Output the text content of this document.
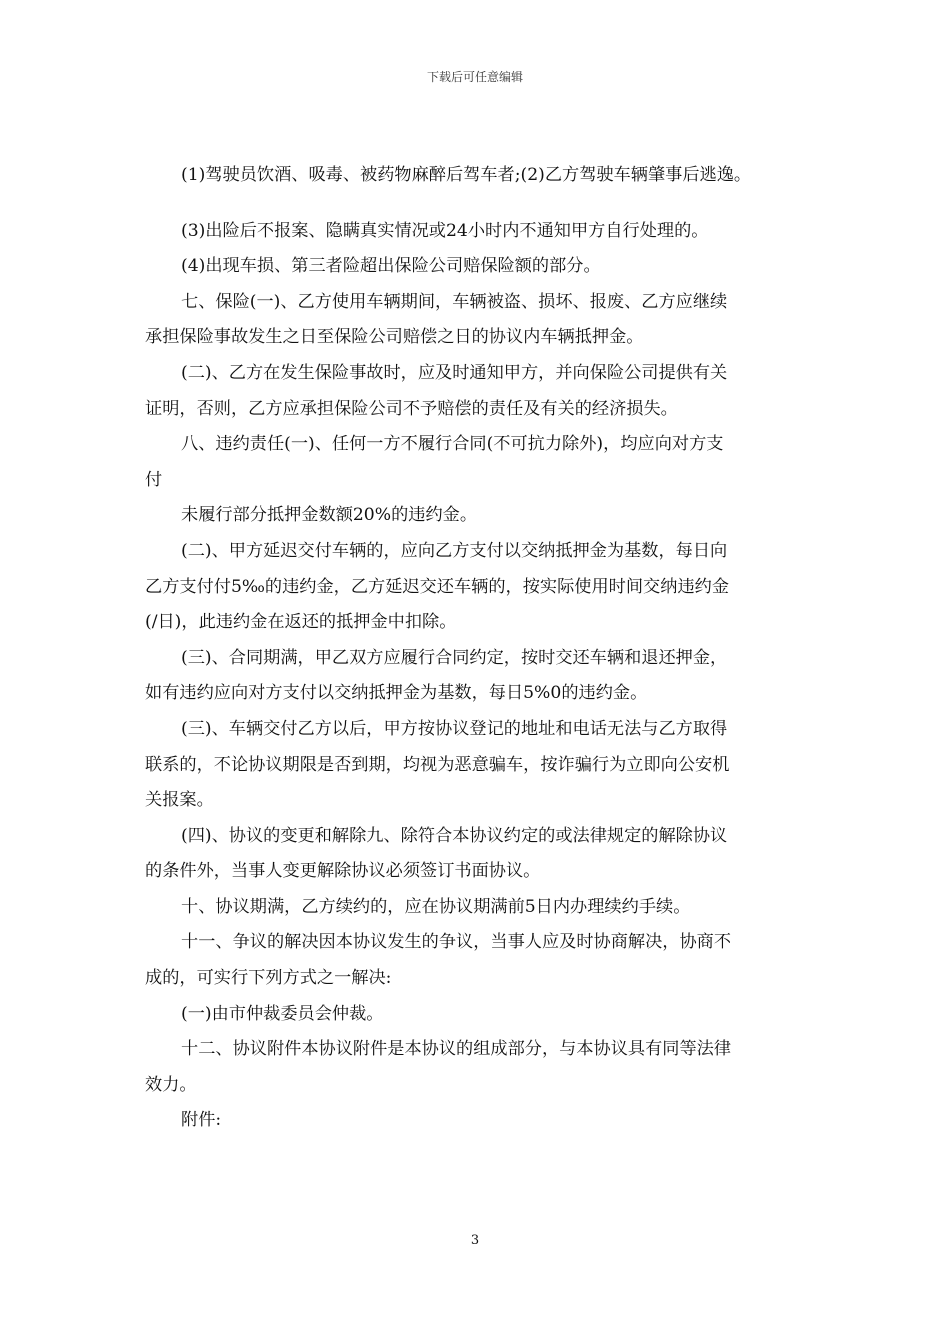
下载后可任意编辑
(1)驾驶员饮酒、吸毒、被药物麻醉后驾车者;(2)乙方驾驶车辆肇事后逃逸。
(3)出险后不报案、隐瞒真实情况或24小时内不通知甲方自行处理的。
(4)出现车损、第三者险超出保险公司赔保险额的部分。
七、保险(一)、乙方使用车辆期间，车辆被盗、损坏、报废、乙方应继续
承担保险事故发生之日至保险公司赔偿之日的协议内车辆抵押金。
(二)、乙方在发生保险事故时，应及时通知甲方，并向保险公司提供有关
证明，否则，乙方应承担保险公司不予赔偿的责任及有关的经济损失。
八、违约责任(一)、任何一方不履行合同(不可抗力除外)，均应向对方支
付
未履行部分抵押金数额20%的违约金。
(二)、甲方延迟交付车辆的，应向乙方支付以交纳抵押金为基数，每日向
乙方支付付5‰的违约金，乙方延迟交还车辆的，按实际使用时间交纳违约金
(/日)，此违约金在返还的抵押金中扣除。
(三)、合同期满，甲乙双方应履行合同约定，按时交还车辆和退还押金，
如有违约应向对方支付以交纳抵押金为基数，每日5%0的违约金。
(三)、车辆交付乙方以后，甲方按协议登记的地址和电话无法与乙方取得
联系的，不论协议期限是否到期，均视为恶意骗车，按诈骗行为立即向公安机
关报案。
(四)、协议的变更和解除九、除符合本协议约定的或法律规定的解除协议
的条件外，当事人变更解除协议必须签订书面协议。
十、协议期满，乙方续约的，应在协议期满前5日内办理续约手续。
十一、争议的解决因本协议发生的争议，当事人应及时协商解决，协商不
成的，可实行下列方式之一解决:
(一)由市仲裁委员会仲裁。
十二、协议附件本协议附件是本协议的组成部分，与本协议具有同等法律
效力。
附件:
3
